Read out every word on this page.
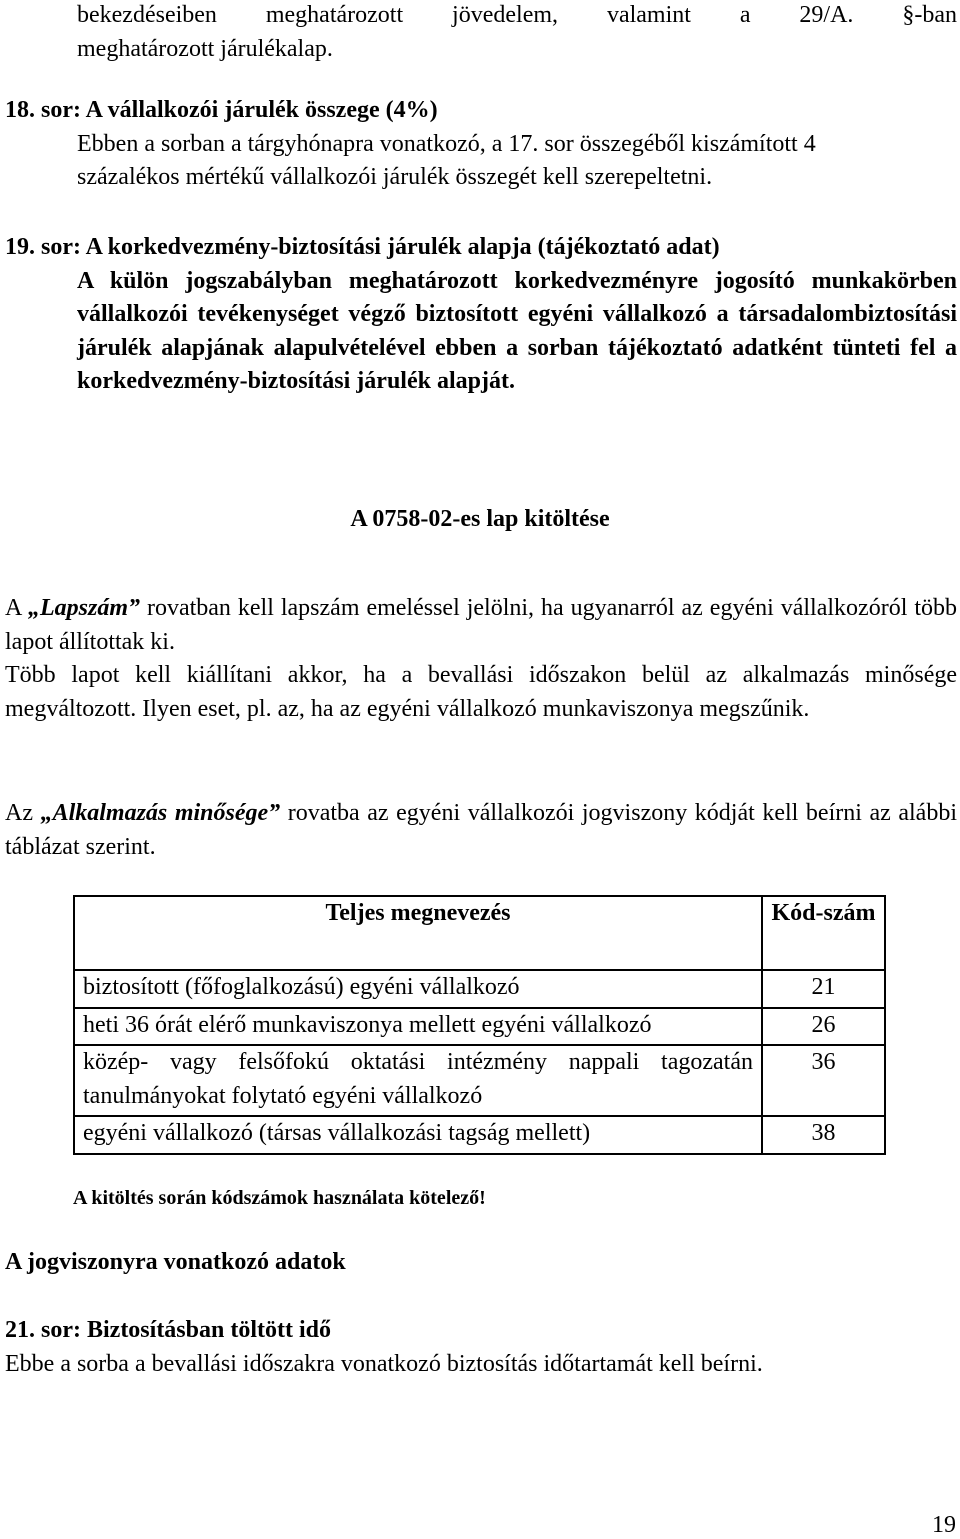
bekezdéseiben meghatározott jövedelem, valamint a 29/A. §-ban

meghatározott járulékalap.

18. sor: A vállalkozói járulék összege (4%)

Ebben a sorban a tárgyhónapra vonatkozó, a 17. sor összegéből kiszámított 4 százalékos mértékű vállalkozói járulék összegét kell szerepeltetni.

19. sor: A korkedvezmény-biztosítási járulék alapja (tájékoztató adat)

A külön jogszabályban meghatározott korkedvezményre jogosító munkakörben vállalkozói tevékenységet végző biztosított egyéni vállalkozó a társadalombiztosítási járulék alapjának alapulvételével ebben a sorban tájékoztató adatként tünteti fel a korkedvezmény-biztosítási járulék alapját.

A 0758-02-es lap kitöltése

A „Lapszám” rovatban kell lapszám emeléssel jelölni, ha ugyanarról az egyéni vállalkozóról több lapot állítottak ki.

Több lapot kell kiállítani akkor, ha a bevallási időszakon belül az alkalmazás minősége megváltozott. Ilyen eset, pl. az, ha az egyéni vállalkozó munkaviszonya megszűnik.

Az „Alkalmazás minősége” rovatba az egyéni vállalkozói jogviszony kódját kell beírni az alábbi táblázat szerint.

Teljes megnevezés	Kód-szám
biztosított (főfoglalkozású) egyéni vállalkozó	21
heti 36 órát elérő munkaviszonya mellett egyéni vállalkozó	26
közép- vagy felsőfokú oktatási intézmény nappali tagozatán tanulmányokat folytató egyéni vállalkozó	36
egyéni vállalkozó (társas vállalkozási tagság mellett)	38
A kitöltés során kódszámok használata kötelező!
A jogviszonyra vonatkozó adatok

21. sor: Biztosításban töltött idő

Ebbe a sorba a bevallási időszakra vonatkozó biztosítás időtartamát kell beírni.

19
